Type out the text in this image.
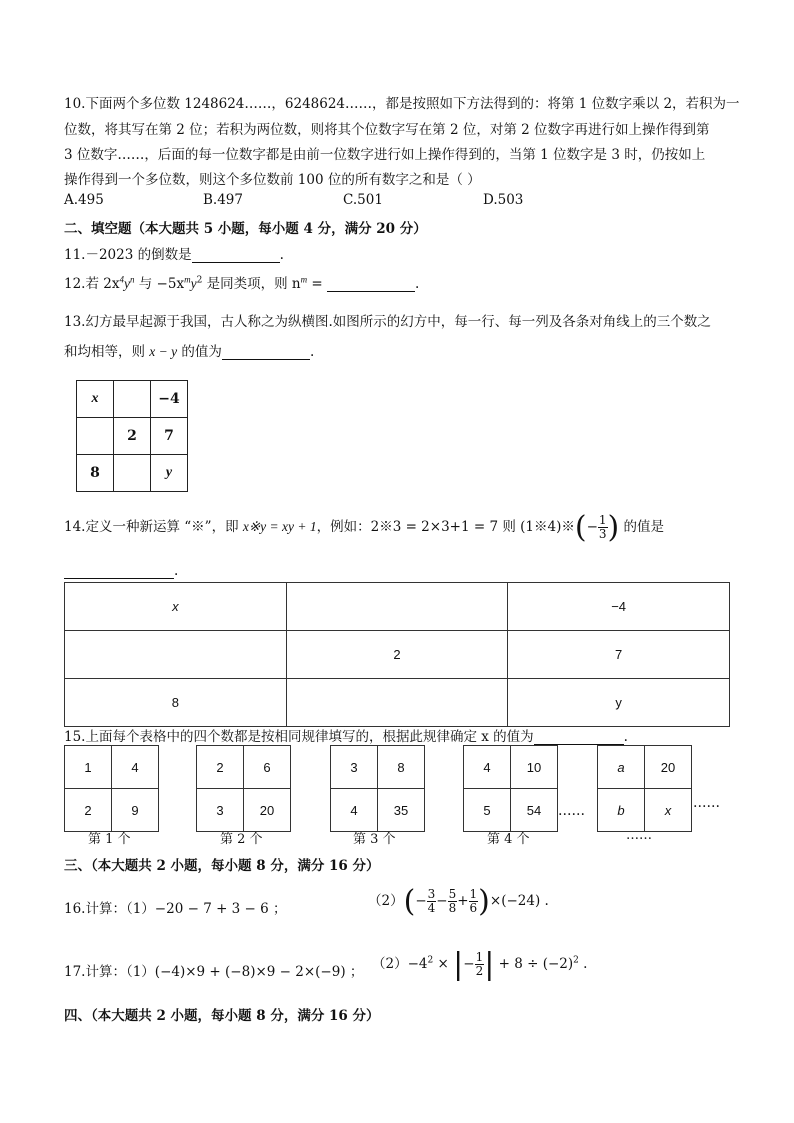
10.下面两个多位数 1248624……，6248624……，都是按照如下方法得到的：将第 1 位数字乘以 2，若积为一
位数，将其写在第 2 位；若积为两位数，则将其个位数字写在第 2 位，对第 2 位数字再进行如上操作得到第
3 位数字……，后面的每一位数字都是由前一位数字进行如上操作得到的，当第 1 位数字是 3 时，仍按如上
操作得到一个多位数，则这个多位数前 100 位的所有数字之和是（ ）
A.495	B.497	C.501	D.503
二、填空题（本大题共 5 小题，每小题 4 分，满分 20 分）
11.－2023 的倒数是	.
12.若 $2x^4y^n$ 与 $-5x^my^2$ 是同类项，则 $n^m$ =	.
13.幻方最早起源于我国，古人称之为纵横图.如图所示的幻方中，每一行、每一列及各条对角线上的三个数之
和均相等，则 x − y 的值为	.
x		−4
	2	7
8		y
14.定义一种新运算 “※”，即 x※y = xy + 1，例如：2※3 = 2×3+1 = 7 则 (1※4)※(− $\frac{1}{3}$ ) 的值是
.
x		−4
	2	7
8		y
15.上面每个表格中的四个数都是按相同规律填写的，根据此规律确定 x 的值为	.
1	4
2	9
第 1 个
2	6
3	20
第 2 个
3	8
4	35
第 3 个
4	10
5	54
第 4 个
……
a	20
b	x
……
……
三、（本大题共 2 小题，每小题 8 分，满分 16 分）
16.计算：（1）−20 − 7 + 3 − 6 ；	$(2)(- \frac{3}{4} - \frac{5}{8} + \frac{1}{6} )\times(-24)$ .
17.计算：（1）(−4)×9 + (−8)×9 − 2×(−9) ； $(2)-4^2$ × |− $\frac{1}{2}$ | + $8 \div (-2)^2$ .
四、（本大题共 2 小题，每小题 8 分，满分 16 分）
